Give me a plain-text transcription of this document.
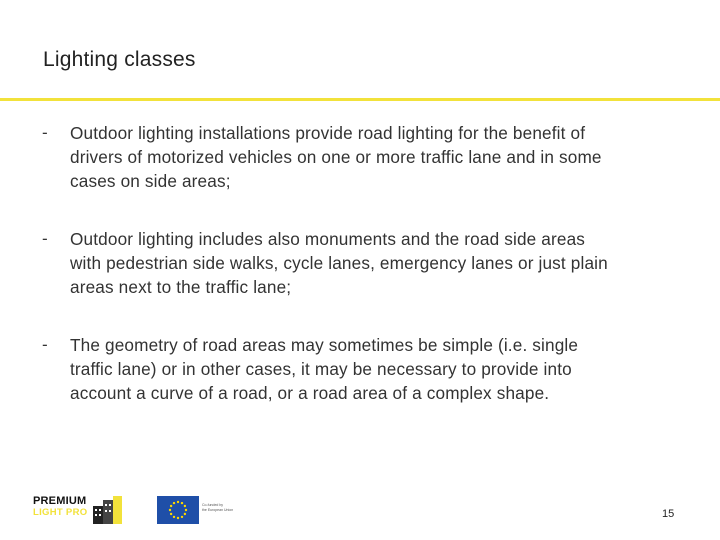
Lighting classes
-	Outdoor lighting installations provide road lighting for the benefit of
drivers of motorized vehicles on one or more traffic lane and in some
cases on side areas;
-	Outdoor lighting includes also monuments and the road side areas
with pedestrian side walks, cycle lanes, emergency lanes or just plain
areas next to the traffic lane;
-	The geometry of road areas may sometimes be simple (i.e. single
traffic lane) or in other cases, it may be necessary to provide into
account a curve of a road, or a road area of a complex shape.
PREMIUM
LIGHT PRO
Co-funded by
the European Union	15
